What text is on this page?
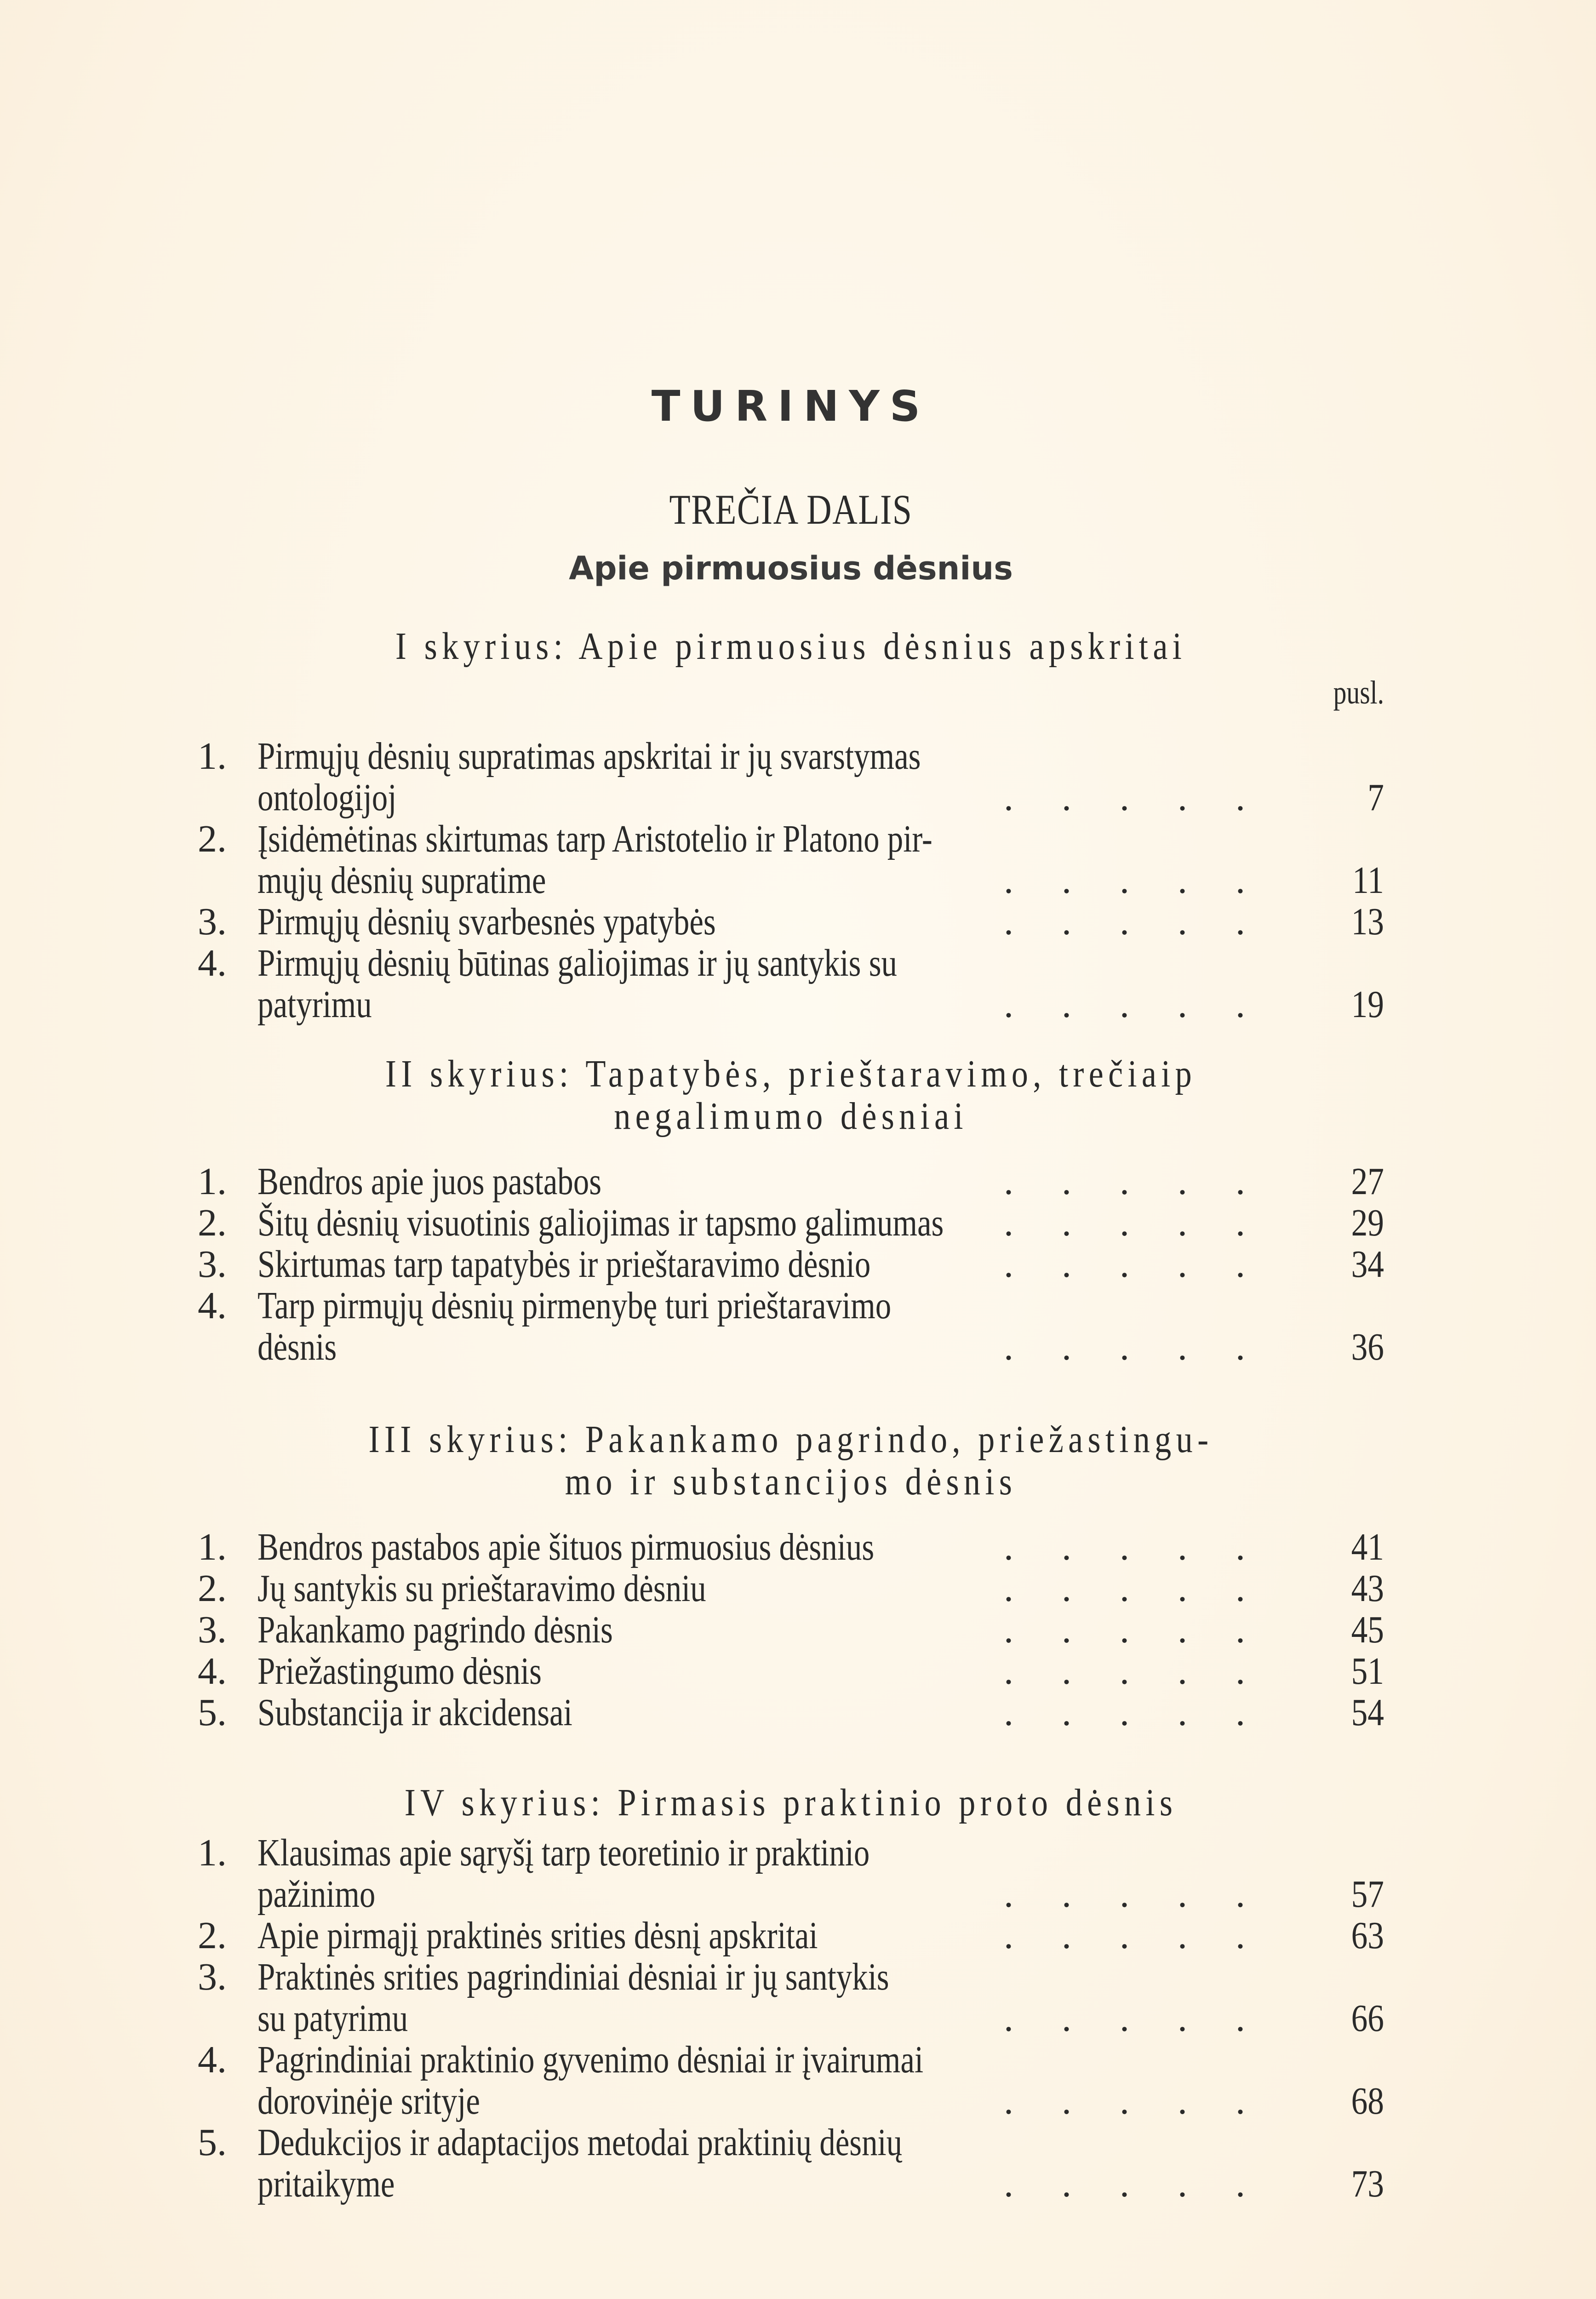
TURINYS
TREČIA DALIS
Apie pirmuosius dėsnius
pusl.
I skyrius: Apie pirmuosius dėsnius apskritai
1. Pirmųjų dėsnių supratimas apskritai ir jų svarstymas
ontologijoj	. . . . .	7
2. Įsidėmėtinas skirtumas tarp Aristotelio ir Platono pir-
mųjų dėsnių supratime	. . . . . 11
3. Pirmųjų dėsnių svarbesnės ypatybės	. . . . . 13
4. Pirmųjų dėsnių būtinas galiojimas ir jų santykis su
patyrimu	. . . . . 19
II skyrius: Tapatybės, prieštaravimo, trečiaip
negalimumo dėsniai
1. Bendros apie juos pastabos	. . . . . 27
2. Šitų dėsnių visuotinis galiojimas ir tapsmo galimumas	. . . . . 29
3. Skirtumas tarp tapatybės ir prieštaravimo dėsnio	. . . . . 34
4. Tarp pirmųjų dėsnių pirmenybę turi prieštaravimo
dėsnis	. . . . . 36
III skyrius: Pakankamo pagrindo, priežastingu-
mo ir substancijos dėsnis
1. Bendros pastabos apie šituos pirmuosius dėsnius	. . . . . 41
2. Jų santykis su prieštaravimo dėsniu	. . . . . 43
3. Pakankamo pagrindo dėsnis	. . . . . 45
4. Priežastingumo dėsnis	. . . . . 51
5. Substancija ir akcidensai	. . . . . 54
IV skyrius: Pirmasis praktinio proto dėsnis
1. Klausimas apie sąryšį tarp teoretinio ir praktinio
pažinimo	. . . . . 57
2. Apie pirmąjį praktinės srities dėsnį apskritai	. . . . . 63
3. Praktinės srities pagrindiniai dėsniai ir jų santykis
su patyrimu	. . . . . 66
4. Pagrindiniai praktinio gyvenimo dėsniai ir įvairumai
dorovinėje srityje	. . . . . 68
5. Dedukcijos ir adaptacijos metodai praktinių dėsnių
pritaikyme	. . . . . 73
